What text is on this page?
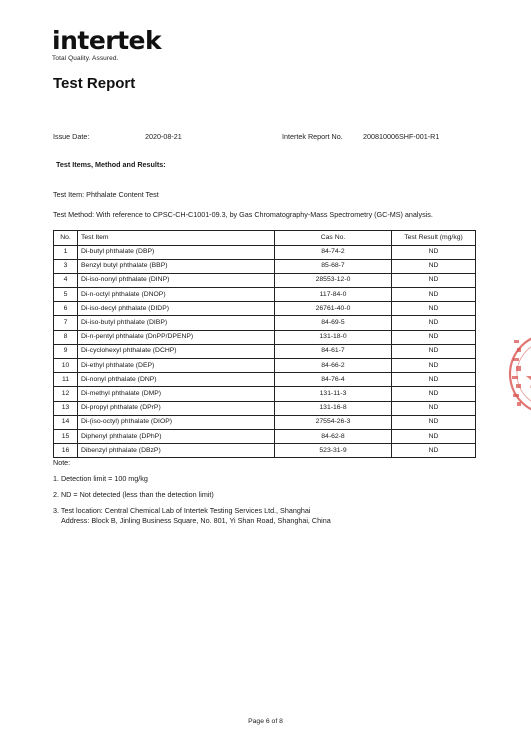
intertek
Total Quality. Assured.
Test Report
Issue Date:	2020-08-21	Intertek Report No.	200810006SHF-001-R1
Test Items, Method and Results:
Test Item: Phthalate Content Test
Test Method: With reference to CPSC-CH-C1001-09.3, by Gas Chromatography-Mass Spectrometry (GC-MS) analysis.
No.	Test Item	Cas No.	Test Result (mg/kg)
1	Di-butyl phthalate (DBP)	84-74-2	ND
3	Benzyl butyl phthalate (BBP)	85-68-7	ND
4	Di-iso-nonyl phthalate (DINP)	28553-12-0	ND
5	Di-n-octyl phthalate (DNOP)	117-84-0	ND
6	Di-iso-decyl phthalate (DIDP)	26761-40-0	ND
7	Di-iso-butyl phthalate (DIBP)	84-69-5	ND
8	Di-n-pentyl phthalate (DnPP/DPENP)	131-18-0	ND
9	Di-cyclohexyl phthalate (DCHP)	84-61-7	ND
10	Di-ethyl phthalate (DEP)	84-66-2	ND
11	Di-nonyl phthalate (DNP)	84-76-4	ND
12	Di-methyl phthalate (DMP)	131-11-3	ND
13	Di-propyl phthalate (DPrP)	131-16-8	ND
14	Di-(iso-octyl) phthalate (DIOP)	27554-26-3	ND
15	Diphenyl phthalate (DPhP)	84-62-8	ND
16	Dibenzyl phthalate (DBzP)	523-31-9	ND
Note:
1. Detection limit = 100 mg/kg
2. ND = Not detected (less than the detection limit)
3. Test location: Central Chemical Lab of Intertek Testing Services Ltd., Shanghai
Address: Block B, Jinling Business Square, No. 801, Yi Shan Road, Shanghai, China
Page 6 of 8
